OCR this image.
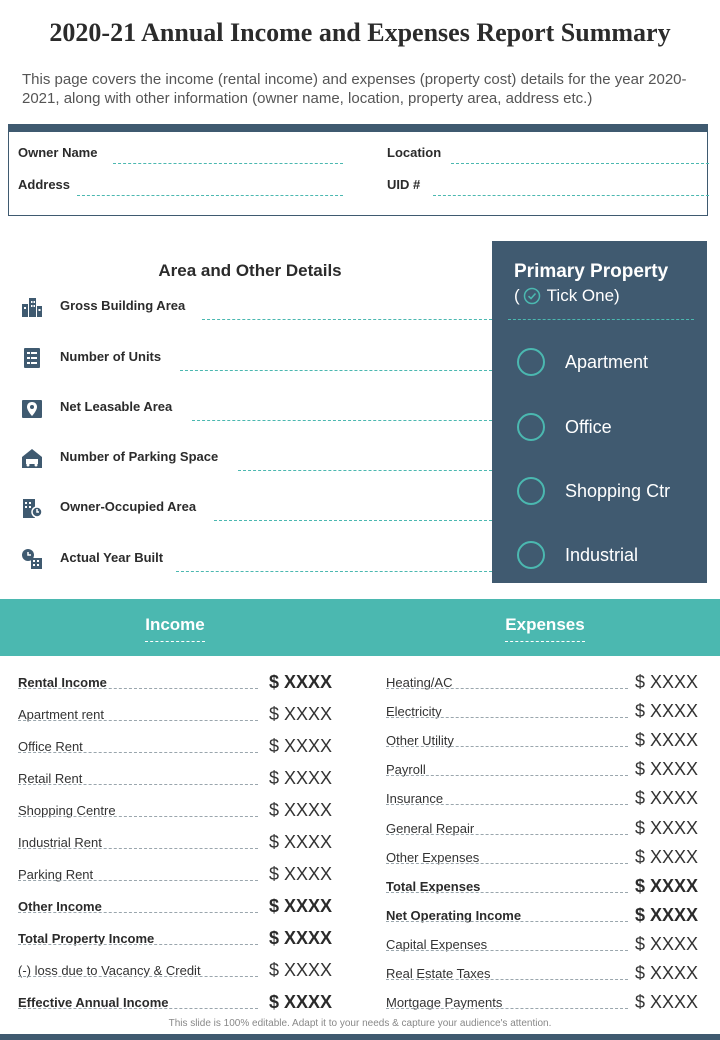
2020-21 Annual Income and Expenses Report Summary
This page covers the income (rental income) and expenses (property cost) details for the year 2020-2021, along with other information (owner name, location, property area, address etc.)
Owner Name	Location
Address	UID #
Area and Other Details
Gross Building Area
Number of Units
Net Leasable Area
Number of Parking Space
Owner-Occupied Area
Actual Year Built
Primary Property
( Tick One)
Apartment
Office
Shopping Ctr
Industrial
Income	Expenses
Rental Income	$ XXXX
Apartment rent	$ XXXX
Office Rent	$ XXXX
Retail Rent	$ XXXX
Shopping Centre	$ XXXX
Industrial Rent	$ XXXX
Parking Rent	$ XXXX
Other Income	$ XXXX
Total Property Income	$ XXXX
(-) loss due to Vacancy & Credit	$ XXXX
Effective Annual Income	$ XXXX
Heating/AC	$ XXXX
Electricity	$ XXXX
Other Utility	$ XXXX
Payroll	$ XXXX
Insurance	$ XXXX
General Repair	$ XXXX
Other Expenses	$ XXXX
Total Expenses	$ XXXX
Net Operating Income	$ XXXX
Capital Expenses	$ XXXX
Real Estate Taxes	$ XXXX
Mortgage Payments	$ XXXX
This slide is 100% editable. Adapt it to your needs & capture your audience's attention.
